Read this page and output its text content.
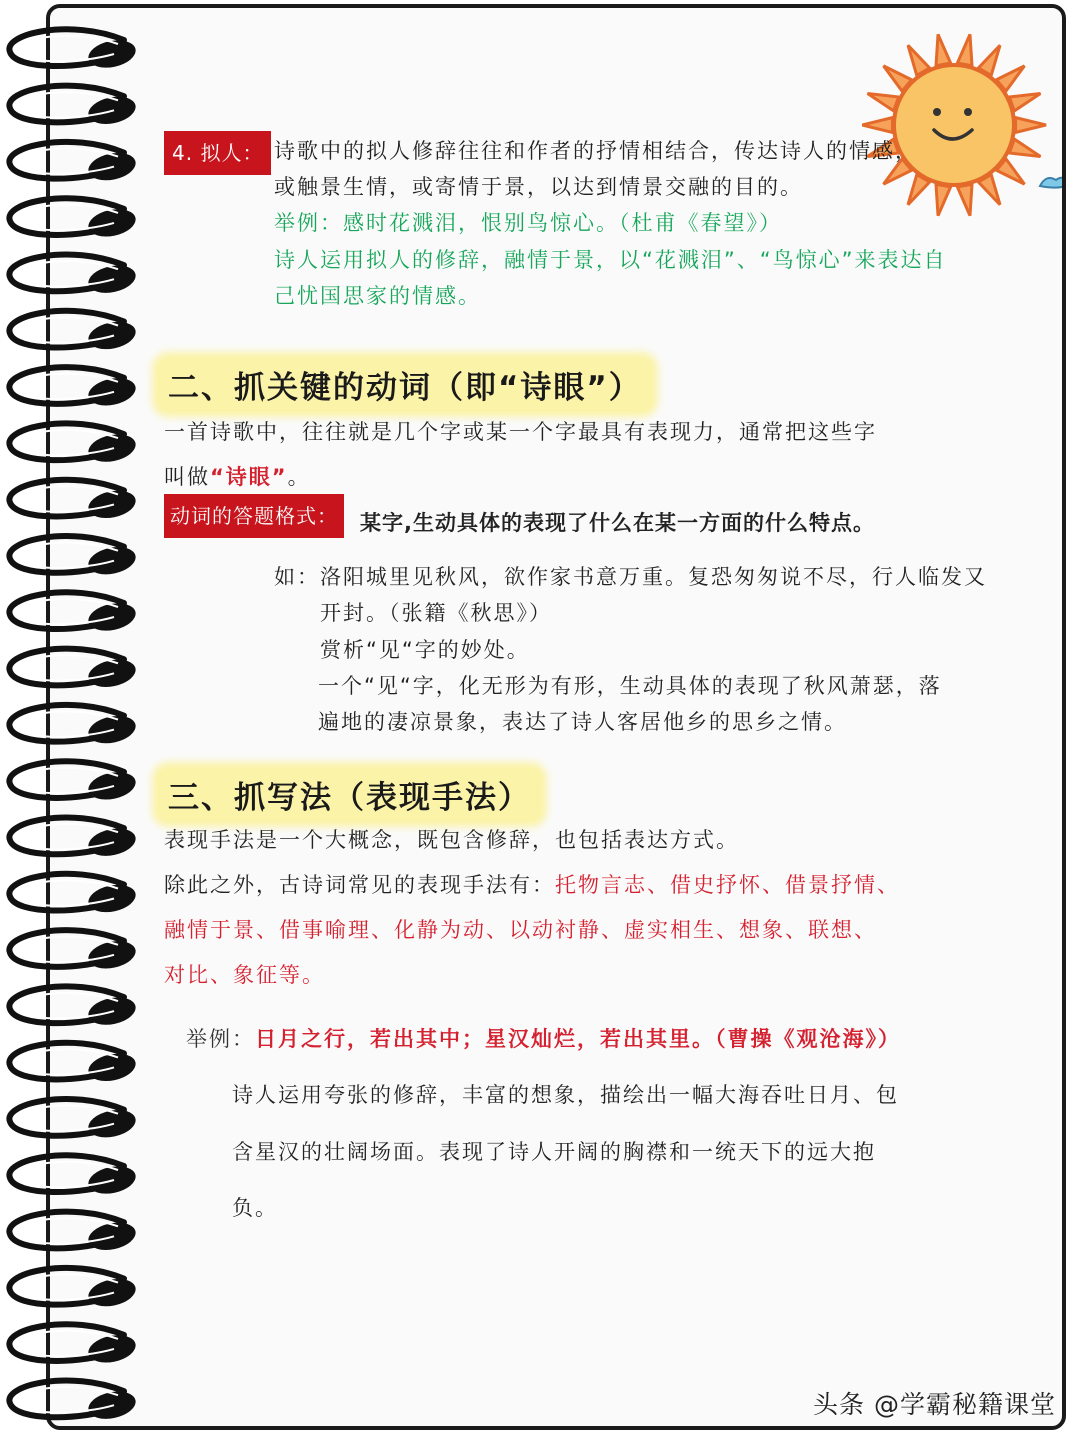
4. 拟人： 诗歌中的拟人修辞往往和作者的抒情相结合，传达诗人的情感，
或触景生情，或寄情于景，以达到情景交融的目的。
举例：感时花溅泪，恨别鸟惊心。（杜甫《春望》）
诗人运用拟人的修辞，融情于景，以“花溅泪”、“鸟惊心”来表达自
己忧国思家的情感。
二、抓关键的动词（即“诗眼”）
一首诗歌中，往往就是几个字或某一个字最具有表现力，通常把这些字
叫做“诗眼”。
动词的答题格式： 某字,生动具体的表现了什么在某一方面的什么特点。
如：洛阳城里见秋风，欲作家书意万重。复恐匆匆说不尽，行人临发又
开封。（张籍《秋思》）
赏析“见“字的妙处。
一个“见“字，化无形为有形，生动具体的表现了秋风萧瑟，落
遍地的凄凉景象，表达了诗人客居他乡的思乡之情。
三、抓写法（表现手法）
表现手法是一个大概念，既包含修辞，也包括表达方式。
除此之外，古诗词常见的表现手法有：托物言志、借史抒怀、借景抒情、
融情于景、借事喻理、化静为动、以动衬静、虚实相生、想象、联想、
对比、象征等。
举例：日月之行，若出其中；星汉灿烂，若出其里。（曹操《观沧海》）
诗人运用夸张的修辞，丰富的想象，描绘出一幅大海吞吐日月、包
含星汉的壮阔场面。表现了诗人开阔的胸襟和一统天下的远大抱
负。
头条 @学霸秘籍课堂
